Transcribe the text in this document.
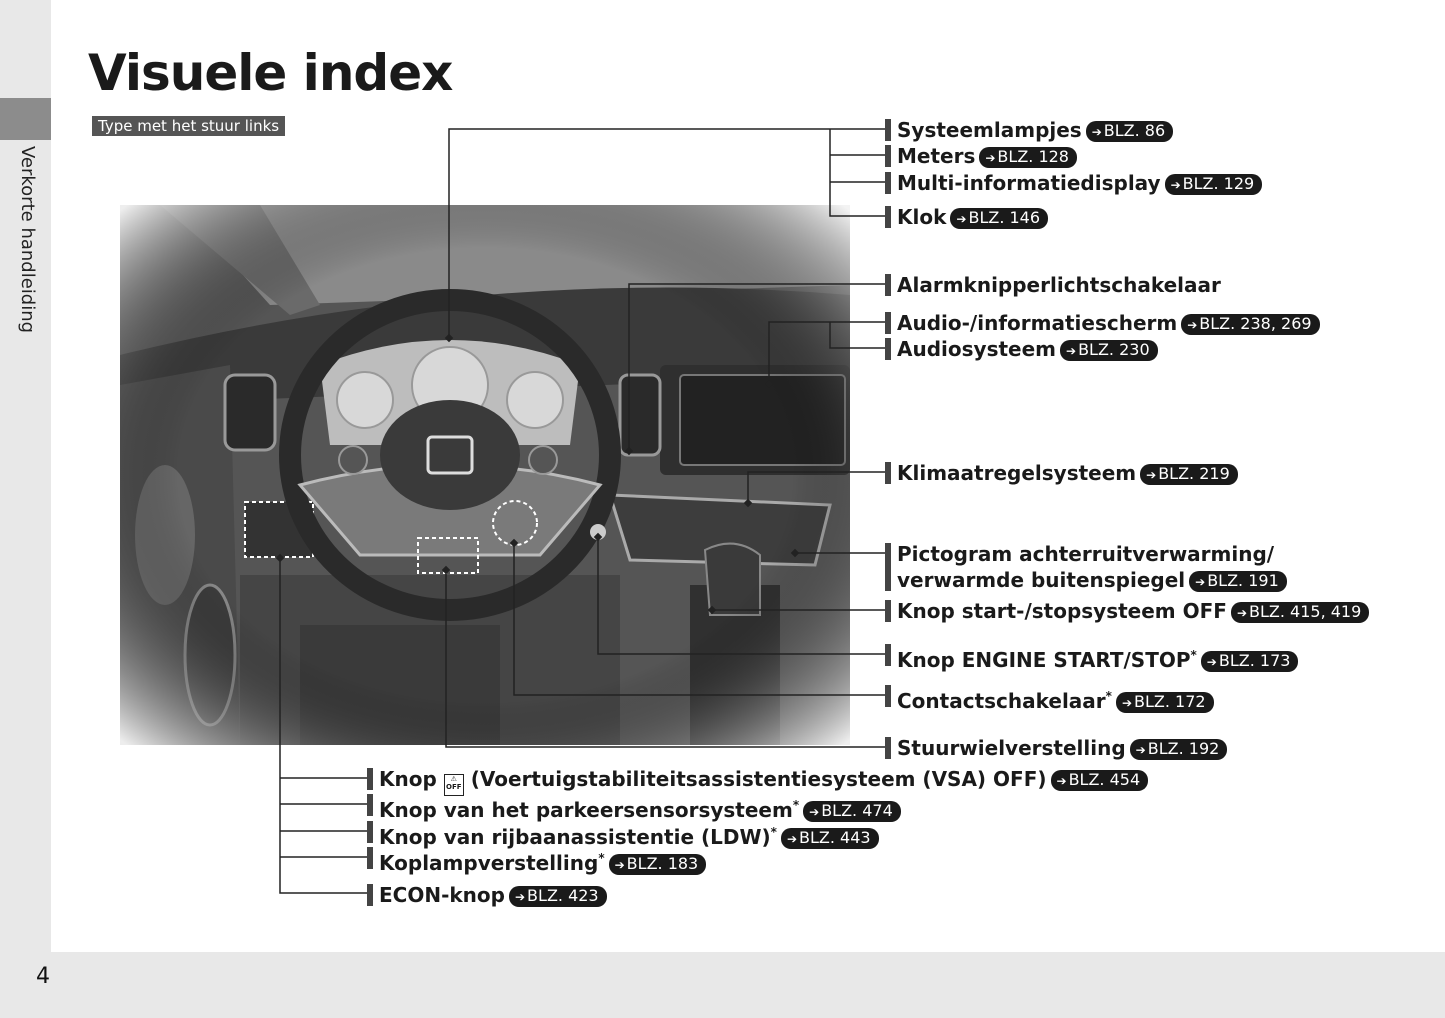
Verkorte handleiding
4
Visuele index
Type met het stuur links	Systeemlampjes ➔ BLZ. 86
Meters ➔ BLZ. 128
Multi-informatiedisplay ➔ BLZ. 129
Klok ➔ BLZ. 146
Alarmknipperlichtschakelaar
Audio-/informatiescherm ➔ BLZ. 238, 269
Audiosysteem ➔ BLZ. 230
Klimaatregelsysteem ➔ BLZ. 219
Pictogram achterruitverwarming/
verwarmde buitenspiegel ➔ BLZ. 191
Knop start-/stopsysteem OFF ➔ BLZ. 415, 419
Knop ENGINE START/STOP* ➔ BLZ. 173
Contactschakelaar* ➔ BLZ. 172
Stuurwielverstelling ➔ BLZ. 192
Knop ⚠
OFF (Voertuigstabiliteitsassistentiesysteem (VSA) OFF) ➔ BLZ. 454
Knop van het parkeersensorsysteem* ➔ BLZ. 474
Knop van rijbaanassistentie (LDW)* ➔ BLZ. 443
Koplampverstelling* ➔ BLZ. 183
ECON-knop ➔ BLZ. 423
